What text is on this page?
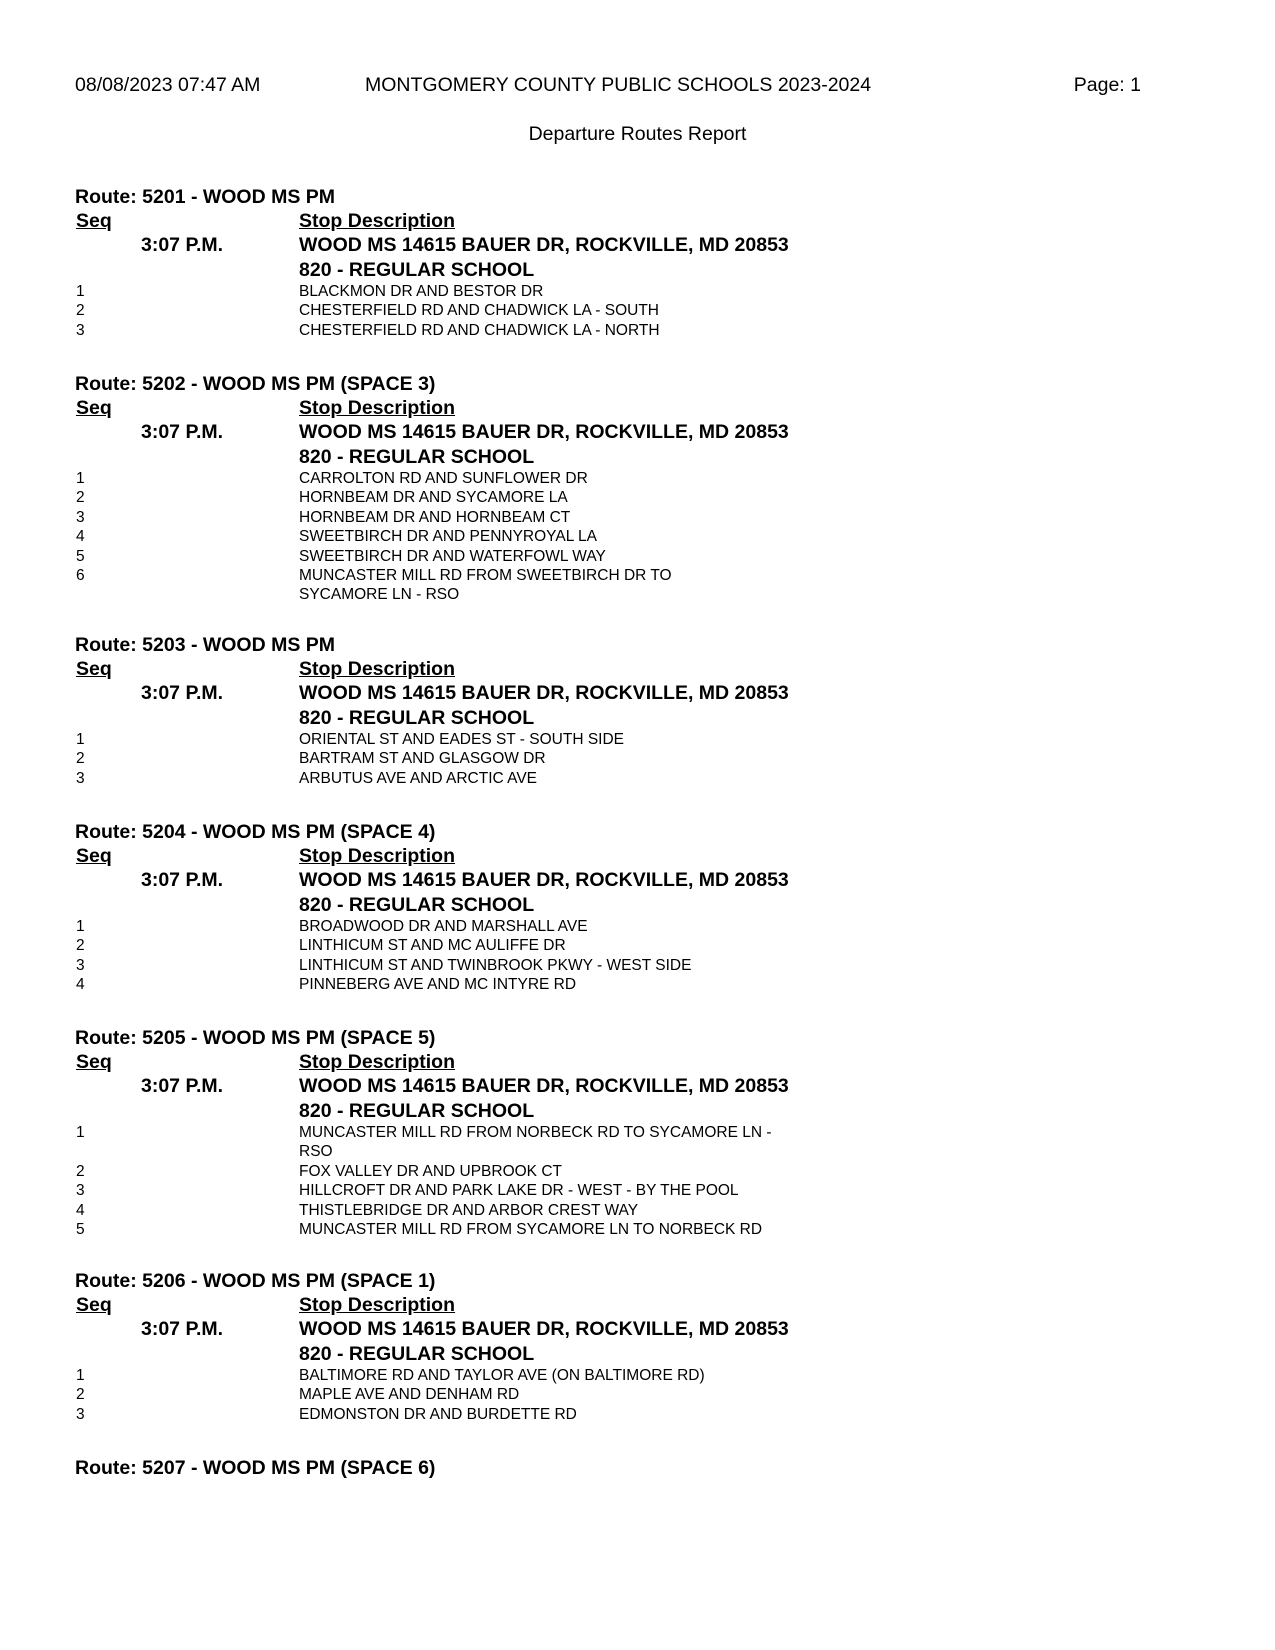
08/08/2023 07:47 AM	MONTGOMERY COUNTY PUBLIC SCHOOLS 2023-2024	Page: 1
Departure Routes Report
Route: 5201 - WOOD MS PM
Seq	Stop Description
3:07 P.M.	WOOD MS 14615 BAUER DR, ROCKVILLE, MD 20853
820 - REGULAR SCHOOL
1	BLACKMON DR AND BESTOR DR
2	CHESTERFIELD RD AND CHADWICK LA - SOUTH
3	CHESTERFIELD RD AND CHADWICK LA - NORTH
Route: 5202 - WOOD MS PM (SPACE 3)
Seq	Stop Description
3:07 P.M.	WOOD MS 14615 BAUER DR, ROCKVILLE, MD 20853
820 - REGULAR SCHOOL
1	CARROLTON RD AND SUNFLOWER DR
2	HORNBEAM DR AND SYCAMORE LA
3	HORNBEAM DR AND HORNBEAM CT
4	SWEETBIRCH DR AND PENNYROYAL LA
5	SWEETBIRCH DR AND WATERFOWL WAY
6	MUNCASTER MILL RD FROM SWEETBIRCH DR TO SYCAMORE LN - RSO
Route: 5203 - WOOD MS PM
Seq	Stop Description
3:07 P.M.	WOOD MS 14615 BAUER DR, ROCKVILLE, MD 20853
820 - REGULAR SCHOOL
1	ORIENTAL ST AND EADES ST - SOUTH SIDE
2	BARTRAM ST AND GLASGOW DR
3	ARBUTUS AVE AND ARCTIC AVE
Route: 5204 - WOOD MS PM (SPACE 4)
Seq	Stop Description
3:07 P.M.	WOOD MS 14615 BAUER DR, ROCKVILLE, MD 20853
820 - REGULAR SCHOOL
1	BROADWOOD DR AND MARSHALL AVE
2	LINTHICUM ST AND MC AULIFFE DR
3	LINTHICUM ST AND TWINBROOK PKWY - WEST SIDE
4	PINNEBERG AVE AND MC INTYRE RD
Route: 5205 - WOOD MS PM (SPACE 5)
Seq	Stop Description
3:07 P.M.	WOOD MS 14615 BAUER DR, ROCKVILLE, MD 20853
820 - REGULAR SCHOOL
1	MUNCASTER MILL RD FROM NORBECK RD TO SYCAMORE LN - RSO
2	FOX VALLEY DR AND UPBROOK CT
3	HILLCROFT DR AND PARK LAKE DR - WEST - BY THE POOL
4	THISTLEBRIDGE DR AND ARBOR CREST WAY
5	MUNCASTER MILL RD FROM SYCAMORE LN TO NORBECK RD
Route: 5206 - WOOD MS PM (SPACE 1)
Seq	Stop Description
3:07 P.M.	WOOD MS 14615 BAUER DR, ROCKVILLE, MD 20853
820 - REGULAR SCHOOL
1	BALTIMORE RD AND TAYLOR AVE (ON BALTIMORE RD)
2	MAPLE AVE AND DENHAM RD
3	EDMONSTON DR AND BURDETTE RD
Route: 5207 - WOOD MS PM (SPACE 6)
